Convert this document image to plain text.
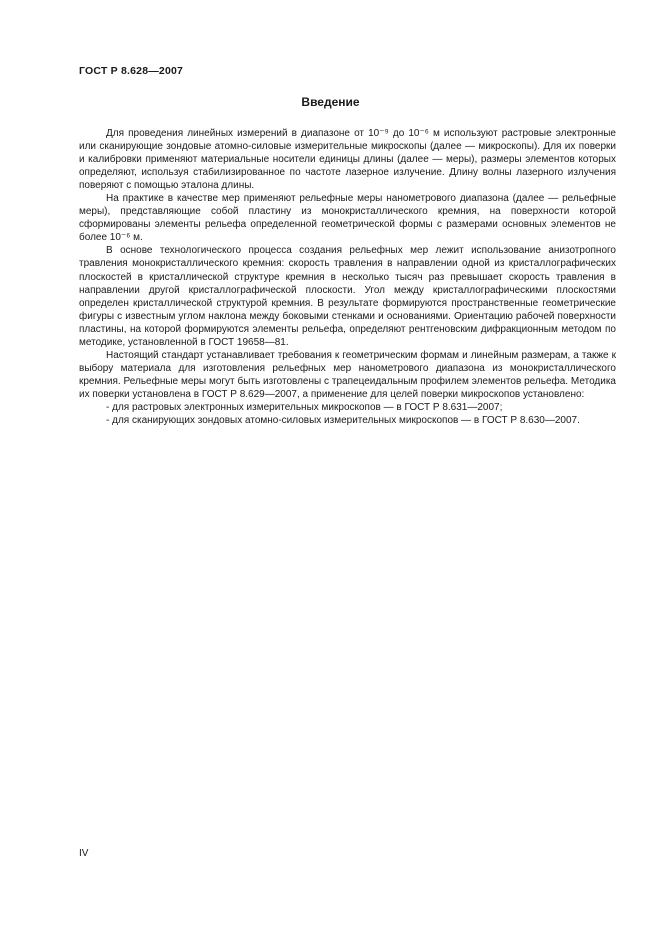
ГОСТ Р 8.628—2007
Введение

Для проведения линейных измерений в диапазоне от 10⁻⁹ до 10⁻⁶ м используют растровые электронные или сканирующие зондовые атомно-силовые измерительные микроскопы (далее — микроскопы). Для их поверки и калибровки применяют материальные носители единицы длины (далее — меры), размеры элементов которых определяют, используя стабилизированное по частоте лазерное излучение. Длину волны лазерного излучения поверяют с помощью эталона длины.

На практике в качестве мер применяют рельефные меры нанометрового диапазона (далее — рельефные меры), представляющие собой пластину из монокристаллического кремния, на поверхности которой сформированы элементы рельефа определенной геометрической формы с размерами основных элементов не более 10⁻⁶ м.

В основе технологического процесса создания рельефных мер лежит использование анизотропного травления монокристаллического кремния: скорость травления в направлении одной из кристаллографических плоскостей в кристаллической структуре кремния в несколько тысяч раз превышает скорость травления в направлении другой кристаллографической плоскости. Угол между кристаллографическими плоскостями определен кристаллической структурой кремния. В результате формируются пространственные геометрические фигуры с известным углом наклона между боковыми стенками и основаниями. Ориентацию рабочей поверхности пластины, на которой формируются элементы рельефа, определяют рентгеновским дифракционным методом по методике, установленной в ГОСТ 19658—81.

Настоящий стандарт устанавливает требования к геометрическим формам и линейным размерам, а также к выбору материала для изготовления рельефных мер нанометрового диапазона из монокристаллического кремния. Рельефные меры могут быть изготовлены с трапецеидальным профилем элементов рельефа. Методика их поверки установлена в ГОСТ Р 8.629—2007, а применение для целей поверки микроскопов установлено:

- для растровых электронных измерительных микроскопов — в ГОСТ Р 8.631—2007;

- для сканирующих зондовых атомно-силовых измерительных микроскопов — в ГОСТ Р 8.630—2007.

IV
